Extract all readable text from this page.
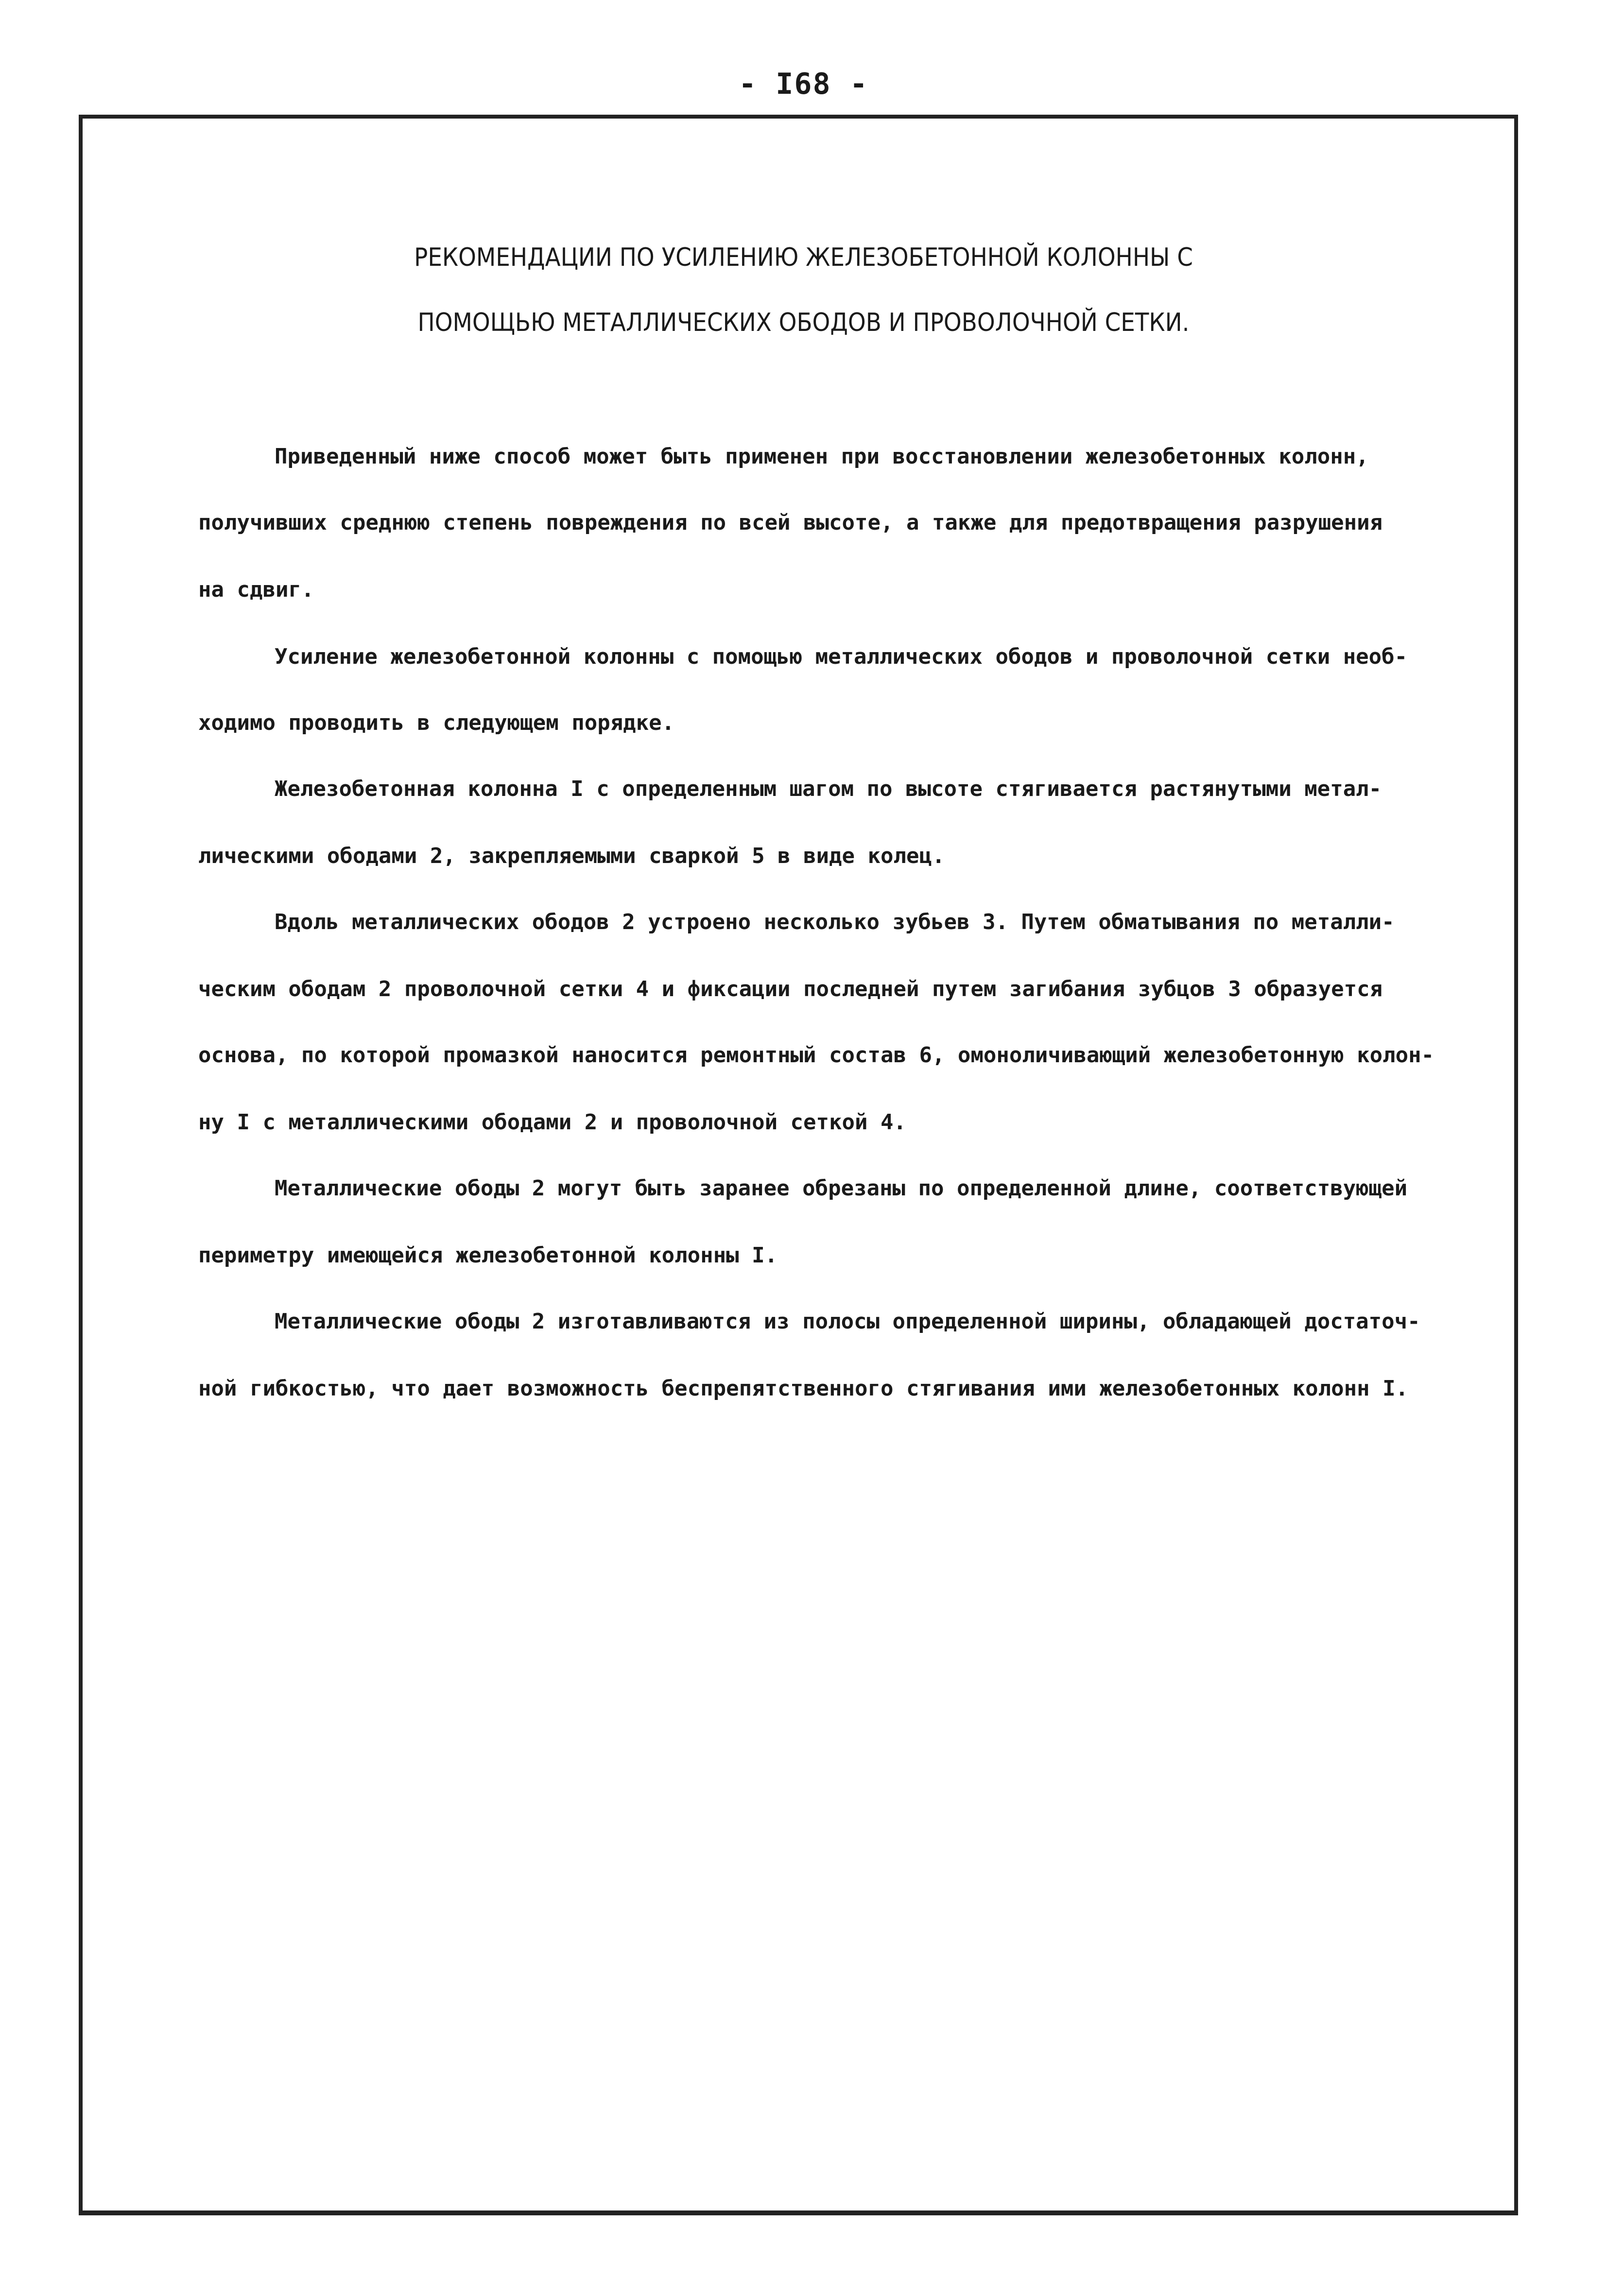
- I68 -
РЕКОМЕНДАЦИИ ПО УСИЛЕНИЮ ЖЕЛЕЗОБЕТОННОЙ КОЛОННЫ С
ПОМОЩЬЮ МЕТАЛЛИЧЕСКИХ ОБОДОВ И ПРОВОЛОЧНОЙ СЕТКИ.
Приведенный ниже способ может быть применен при восстановлении железобетонных колонн,
получивших среднюю степень повреждения по всей высоте, а также для предотвращения разрушения
на сдвиг.
Усиление железобетонной колонны с помощью металлических ободов и проволочной сетки необ-
ходимо проводить в следующем порядке.
Железобетонная колонна I с определенным шагом по высоте стягивается растянутыми метал-
лическими ободами 2, закрепляемыми сваркой 5 в виде колец.
Вдоль металлических ободов 2 устроено несколько зубьев 3. Путем обматывания по металли-
ческим ободам 2 проволочной сетки 4 и фиксации последней путем загибания зубцов 3 образуется
основа, по которой промазкой наносится ремонтный состав 6, омоноличивающий железобетонную колон-
ну I с металлическими ободами 2 и проволочной сеткой 4.
Металлические ободы 2 могут быть заранее обрезаны по определенной длине, соответствующей
периметру имеющейся железобетонной колонны I.
Металлические ободы 2 изготавливаются из полосы определенной ширины, обладающей достаточ-
ной гибкостью, что дает возможность беспрепятственного стягивания ими железобетонных колонн I.
